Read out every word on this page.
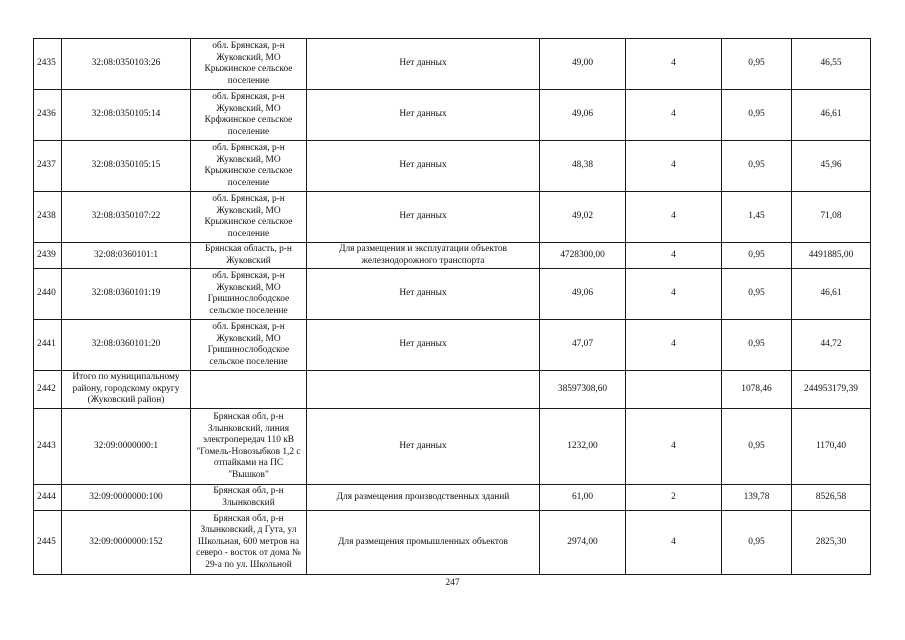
2435	32:08:0350103:26	обл. Брянская, р-н Жуковский, МО Крыжинское сельское поселение	Нет данных	49,00	4	0,95	46,55
2436	32:08:0350105:14	обл. Брянская, р-н Жуковский, МО Крфжинское сельское поселение	Нет данных	49,06	4	0,95	46,61
2437	32:08:0350105:15	обл. Брянская, р-н Жуковский, МО Крыжинское сельское поселение	Нет данных	48,38	4	0,95	45,96
2438	32:08:0350107:22	обл. Брянская, р-н Жуковский, МО Крыжинское сельское поселение	Нет данных	49,02	4	1,45	71,08
2439	32:08:0360101:1	Брянская область, р-н Жуковский	Для размещения и эксплуатации объектов железнодорожного транспорта	4728300,00	4	0,95	4491885,00
2440	32:08:0360101:19	обл. Брянская, р-н Жуковский, МО Гришинослободское сельское поселение	Нет данных	49,06	4	0,95	46,61
2441	32:08:0360101:20	обл. Брянская, р-н Жуковский, МО Гришинослободское сельское поселение	Нет данных	47,07	4	0,95	44,72
2442	Итого по муниципальному району, городскому округу (Жуковский район)			38597308,60		1078,46	244953179,39
2443	32:09:0000000:1	Брянская обл, р-н Злынковский, линия электропередач 110 кВ "Гомель-Новозыбков 1,2 с отпайками на ПС "Вышков"	Нет данных	1232,00	4	0,95	1170,40
2444	32:09:0000000:100	Брянская обл, р-н Злынковский	Для размещения производственных зданий	61,00	2	139,78	8526,58
2445	32:09:0000000:152	Брянская обл, р-н Злынковский, д Гута, ул Школьная, 600 метров на северо - восток от дома № 29-а по ул. Школьной	Для размещения промышленных объектов	2974,00	4	0,95	2825,30
247
